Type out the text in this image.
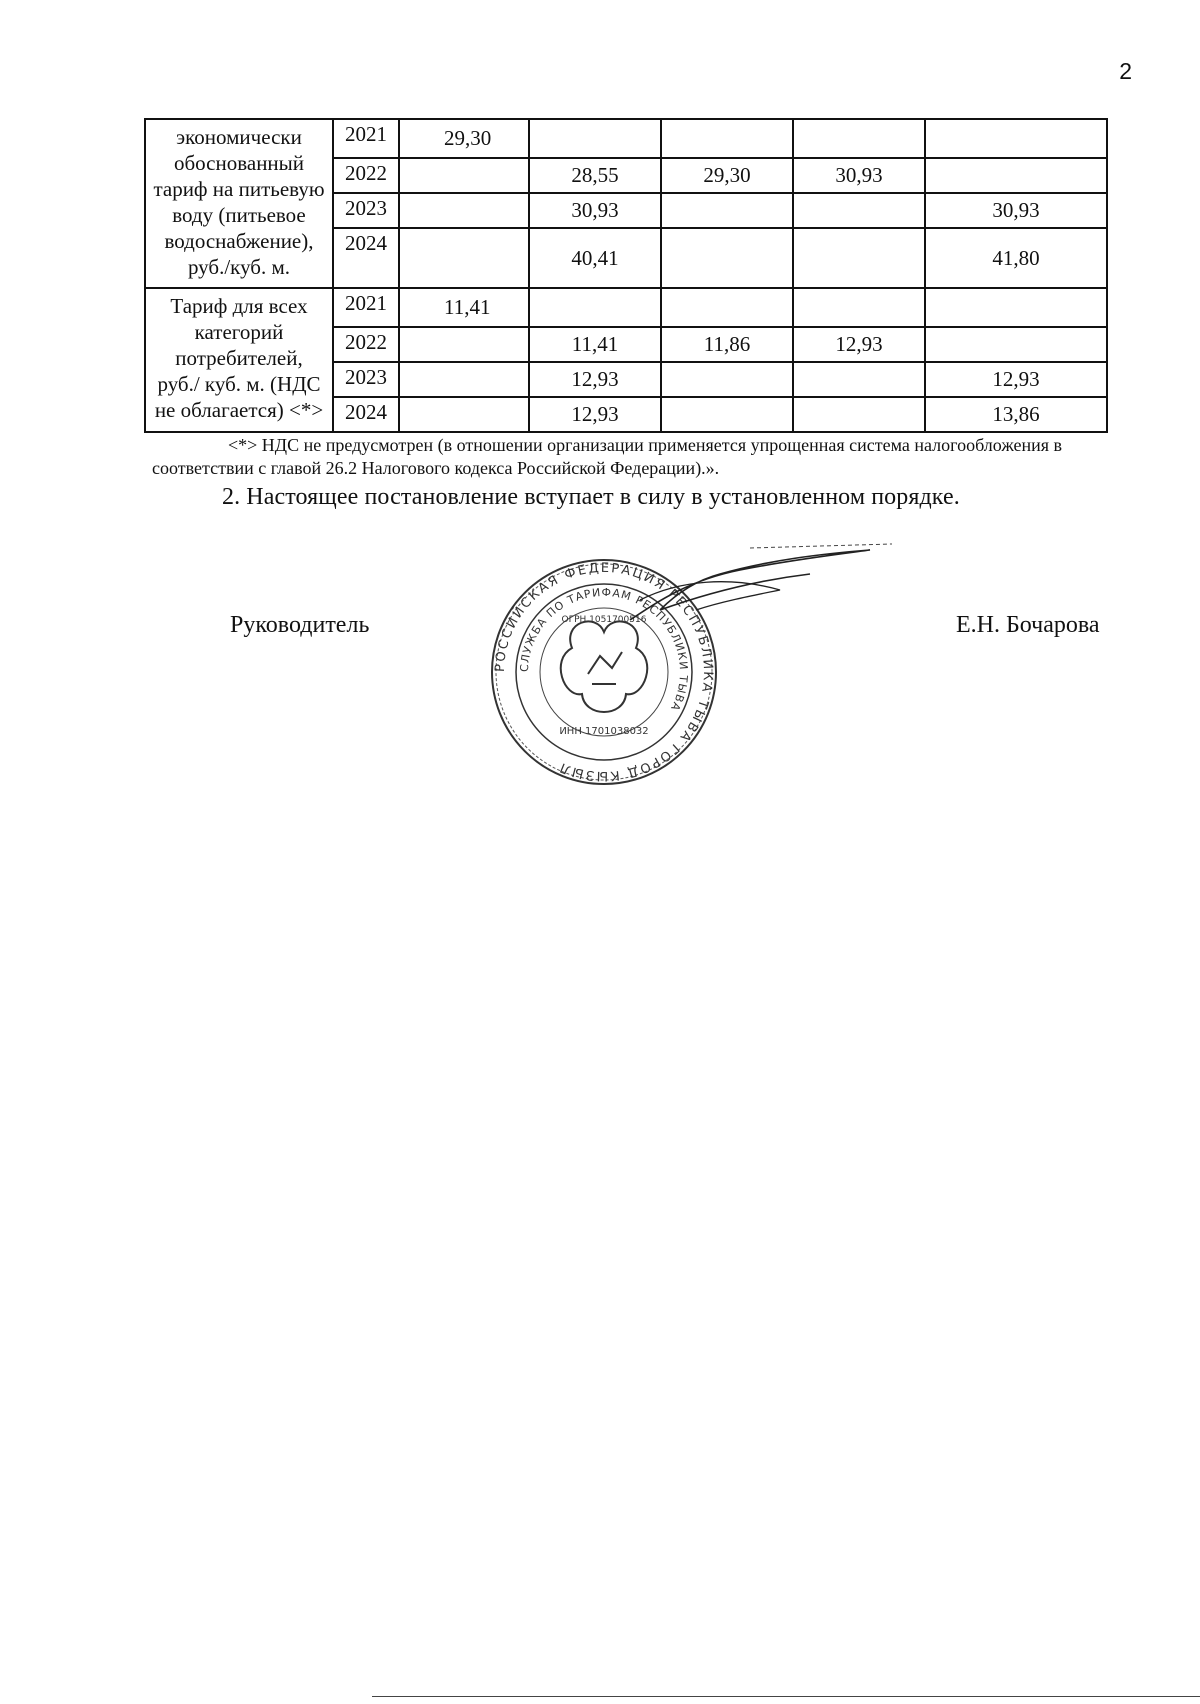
2
экономически обоснованный тариф на питьевую воду (питьевое водоснабжение), руб./куб. м.	2021	29,30				
	2022		28,55	29,30	30,93	
	2023		30,93			30,93
	2024		40,41			41,80
Тариф для всех категорий потребителей, руб./ куб. м. (НДС не облагается) <*>	2021	11,41				
	2022		11,41	11,86	12,93	
	2023		12,93			12,93
	2024		12,93			13,86
<*> НДС не предусмотрен (в отношении организации применяется упрощенная система налогообложения в соответствии с главой 26.2 Налогового кодекса Российской Федерации).».
2. Настоящее постановление вступает в силу в установленном порядке.
Руководитель
РОССИЙСКАЯ ФЕДЕРАЦИЯ РЕСПУБЛИКА ТЫВА ГОРОД КЫЗЫЛ
СЛУЖБА ПО ТАРИФАМ РЕСПУБЛИКИ ТЫВА
ОГРН 1051700516
ИНН 1701038032
Е.Н. Бочарова
